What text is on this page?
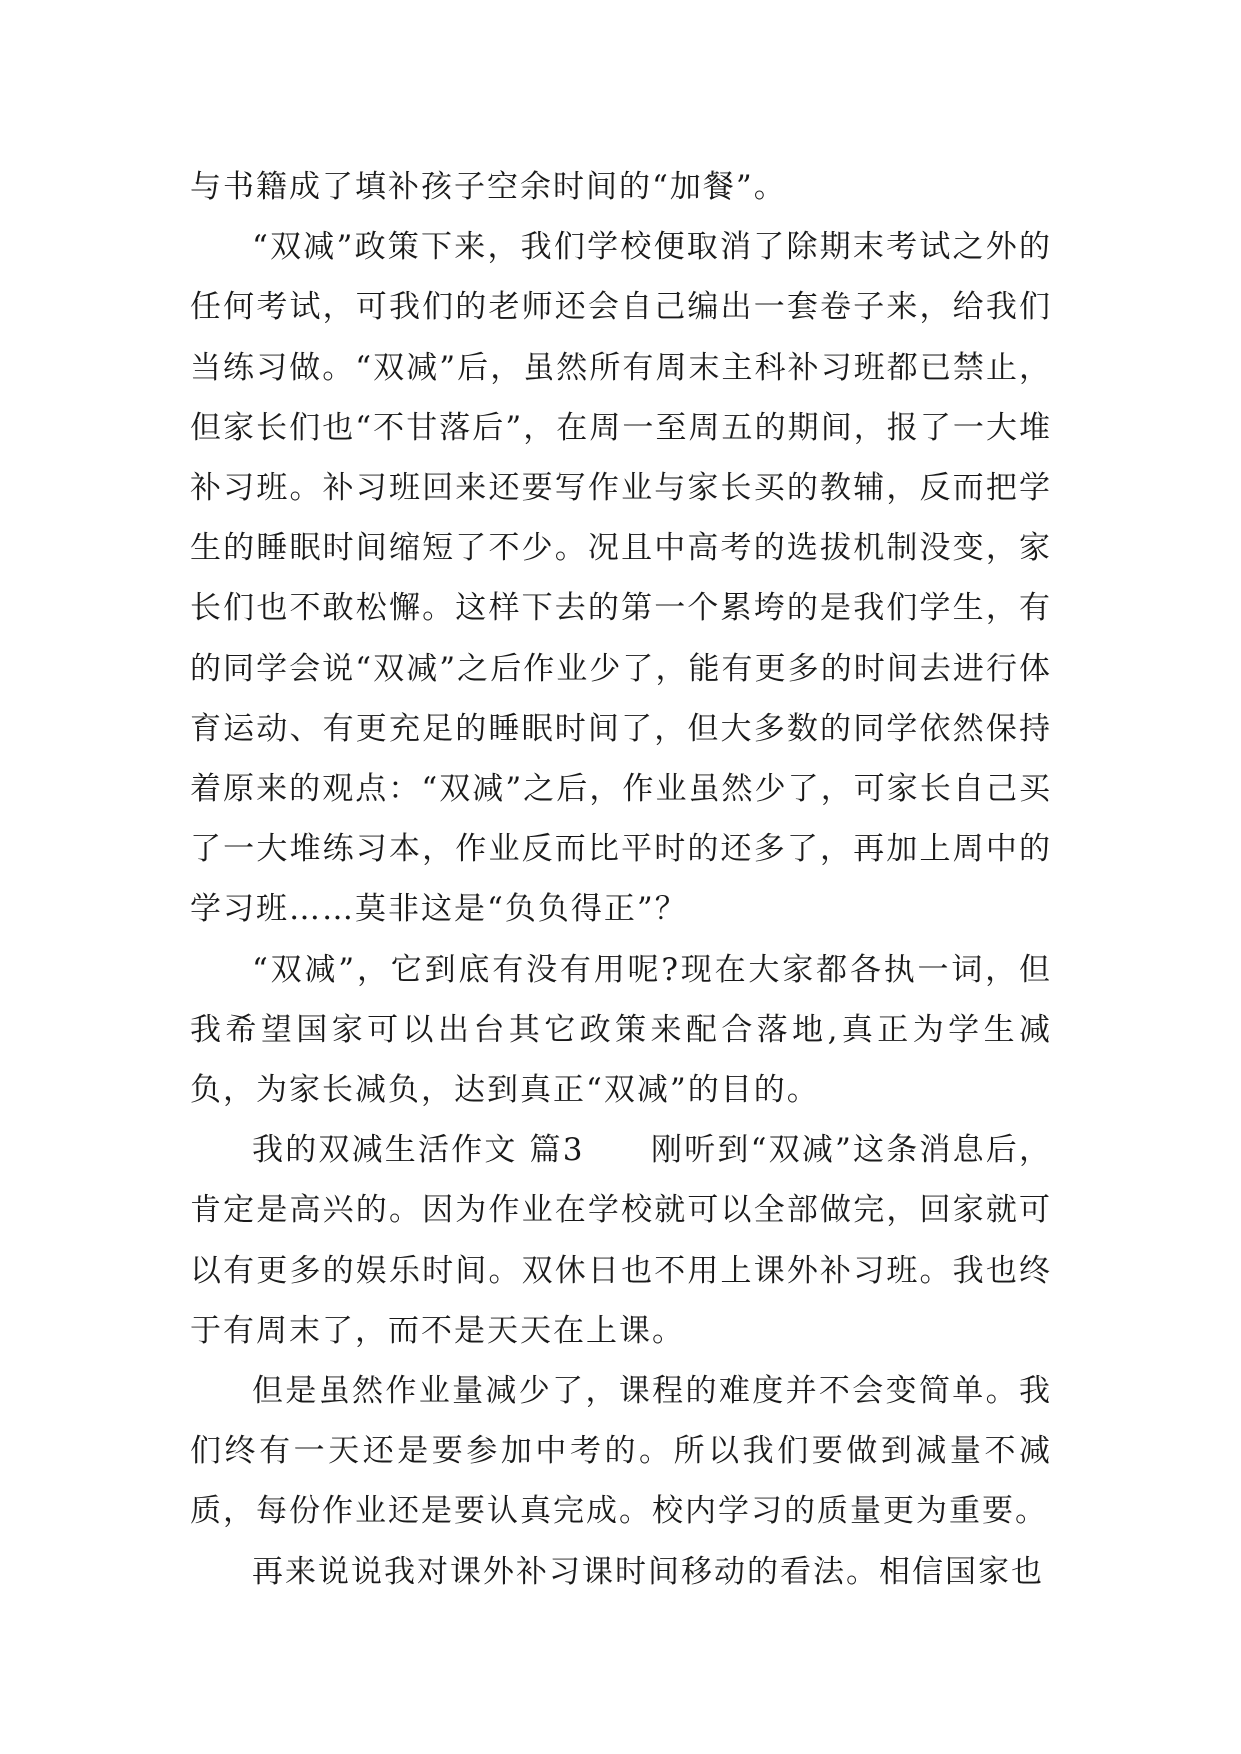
与书籍成了填补孩子空余时间的“加餐”。

“双减”政策下来，我们学校便取消了除期末考试之外的任何考试，可我们的老师还会自己编出一套卷子来，给我们当练习做。“双减”后，虽然所有周末主科补习班都已禁止，但家长们也“不甘落后”，在周一至周五的期间，报了一大堆补习班。补习班回来还要写作业与家长买的教辅，反而把学生的睡眠时间缩短了不少。况且中高考的选拔机制没变，家长们也不敢松懈。这样下去的第一个累垮的是我们学生，有的同学会说“双减”之后作业少了，能有更多的时间去进行体育运动、有更充足的睡眠时间了，但大多数的同学依然保持着原来的观点：“双减”之后，作业虽然少了，可家长自己买了一大堆练习本，作业反而比平时的还多了，再加上周中的学习班……莫非这是“负负得正”？

“双减”，它到底有没有用呢?现在大家都各执一词，但我希望国家可以出台其它政策来配合落地,真正为学生减负，为家长减负，达到真正“双减”的目的。

我的双减生活作文 篇3　　刚听到“双减”这条消息后，肯定是高兴的。因为作业在学校就可以全部做完，回家就可以有更多的娱乐时间。双休日也不用上课外补习班。我也终于有周末了，而不是天天在上课。

但是虽然作业量减少了，课程的难度并不会变简单。我们终有一天还是要参加中考的。所以我们要做到减量不减质，每份作业还是要认真完成。校内学习的质量更为重要。

再来说说我对课外补习课时间移动的看法。相信国家也
